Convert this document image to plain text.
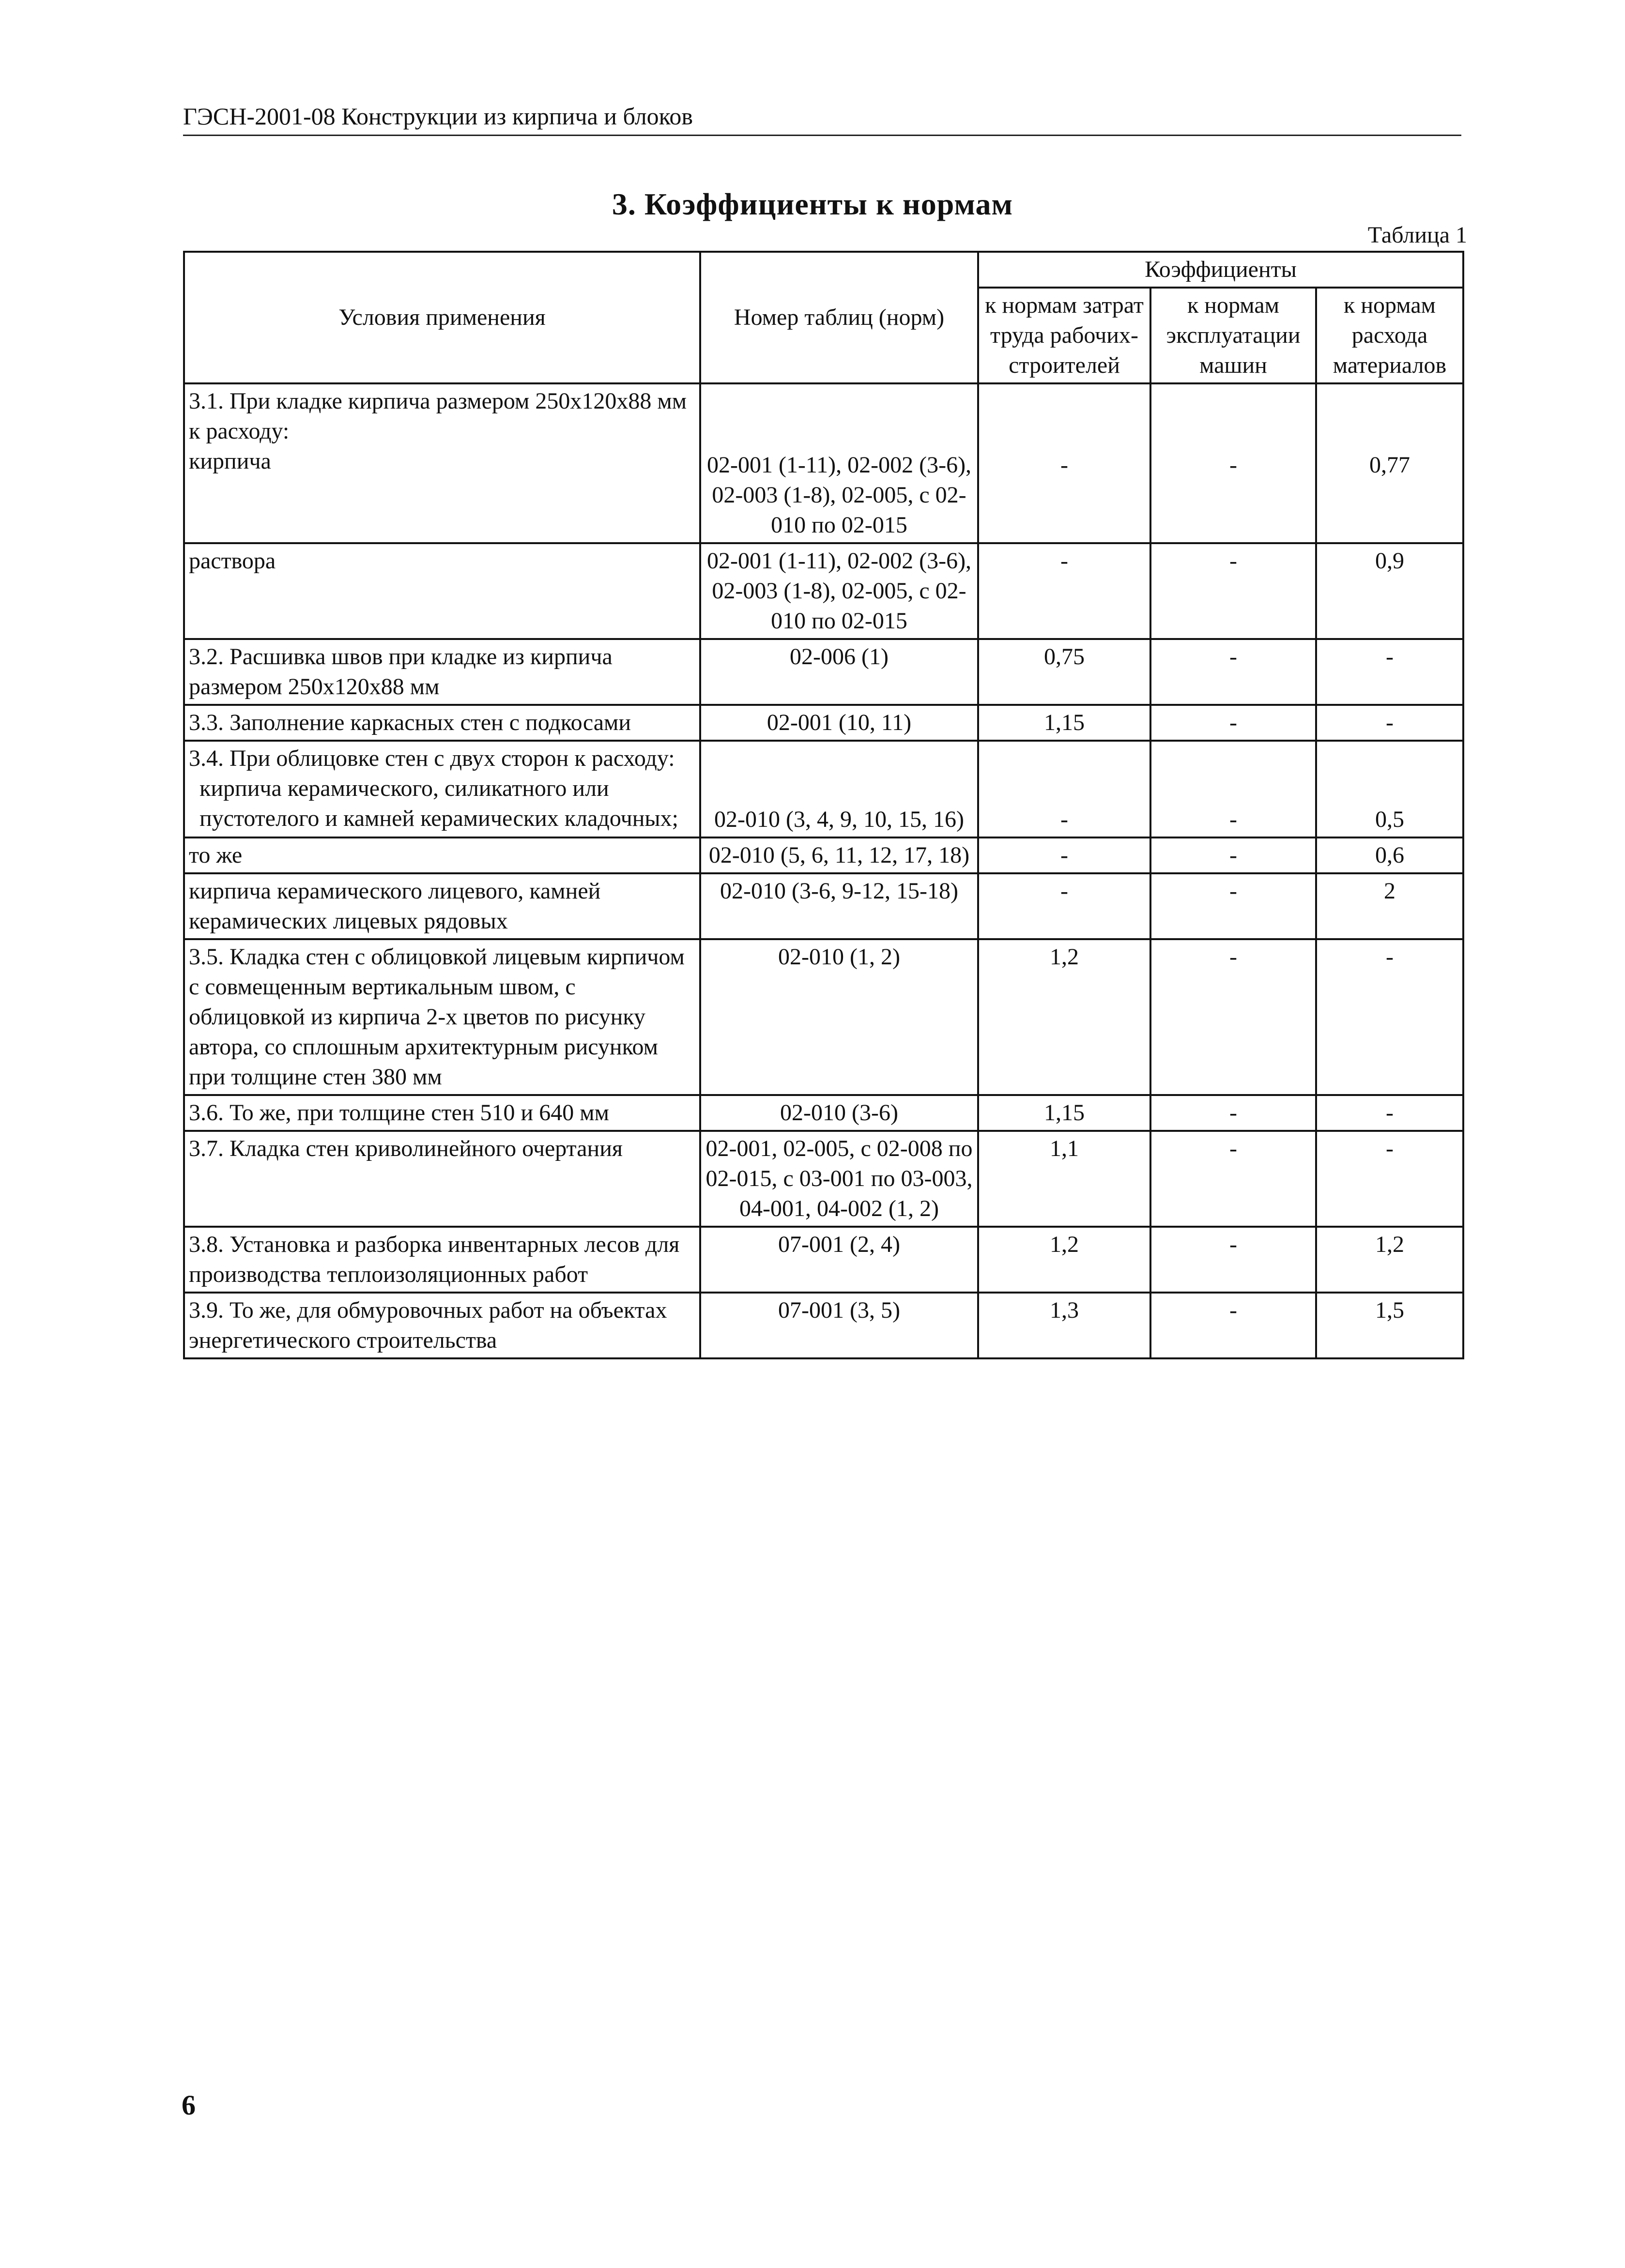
ГЭСН-2001-08 Конструкции из кирпича и блоков
3. Коэффициенты к нормам
Таблица 1
Условия применения	Номер таблиц (норм)	Коэффициенты		
		к нормам затрат труда рабочих-строителей	к нормам эксплуатации машин	к нормам расхода материалов

3.1. При кладке кирпича размером 250х120х88 мм к расходу:
кирпича	02-001 (1-11), 02-002 (3-6), 02-003 (1-8), 02-005, с 02-010 по 02-015	-	-	0,77
раствора	02-001 (1-11), 02-002 (3-6), 02-003 (1-8), 02-005, с 02-010 по 02-015	-	-	0,9
3.2. Расшивка швов при кладке из кирпича размером 250х120х88 мм	02-006 (1)	0,75	-	-
3.3. Заполнение каркасных стен с подкосами	02-001 (10, 11)	1,15	-	-

3.4. При облицовке стен с двух сторон к расходу:
кирпича керамического, силикатного или пустотелого и камней керамических кладочных;	02-010 (3, 4, 9, 10, 15, 16)	-	-	0,5
то же	02-010 (5, 6, 11, 12, 17, 18)	-	-	0,6
кирпича керамического лицевого, камней керамических лицевых рядовых	02-010 (3-6, 9-12, 15-18)	-	-	2
3.5. Кладка стен с облицовкой лицевым кирпичом с совмещенным вертикальным швом, с облицовкой из кирпича 2-х цветов по рисунку автора, со сплошным архитектурным рисунком при толщине стен 380 мм	02-010 (1, 2)	1,2	-	-
3.6. То же, при толщине стен 510 и 640 мм	02-010 (3-6)	1,15	-	-
3.7. Кладка стен криволинейного очертания	02-001, 02-005, с 02-008 по 02-015, с 03-001 по 03-003, 04-001, 04-002 (1, 2)	1,1	-	-
3.8. Установка и разборка инвентарных лесов для производства теплоизоляционных работ	07-001 (2, 4)	1,2	-	1,2
3.9. То же, для обмуровочных работ на объектах энергетического строительства	07-001 (3, 5)	1,3	-	1,5
6
